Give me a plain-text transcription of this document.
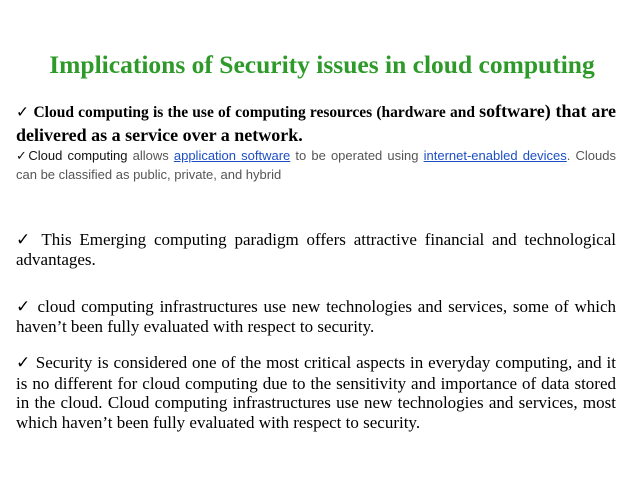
Implications of Security issues in cloud computing
✓ Cloud computing is the use of computing resources (hardware and software) that are delivered as a service over a network.
✓Cloud computing allows application software to be operated using internet-enabled devices. Clouds can be classified as public, private, and hybrid
✓ This Emerging computing paradigm offers attractive financial and technological advantages.
✓ cloud computing infrastructures use new technologies and services, some of which haven’t been fully evaluated with respect to security.
✓ Security is considered one of the most critical aspects in everyday computing, and it is no different for cloud computing due to the sensitivity and importance of data stored in the cloud. Cloud computing infrastructures use new technologies and services, most which haven’t been fully evaluated with respect to security.
